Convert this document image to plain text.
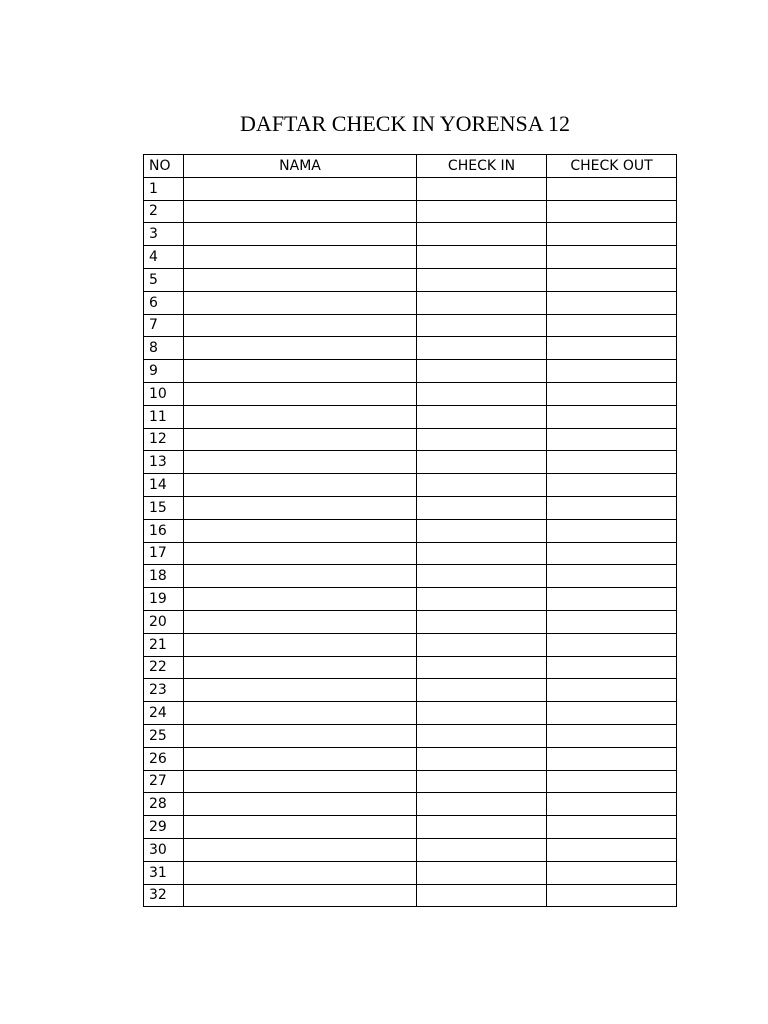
DAFTAR CHECK IN YORENSA 12
NO	NAMA	CHECK IN	CHECK OUT
1			
2			
3			
4			
5			
6			
7			
8			
9			
10			
11			
12			
13			
14			
15			
16			
17			
18			
19			
20			
21			
22			
23			
24			
25			
26			
27			
28			
29			
30			
31			
32			
